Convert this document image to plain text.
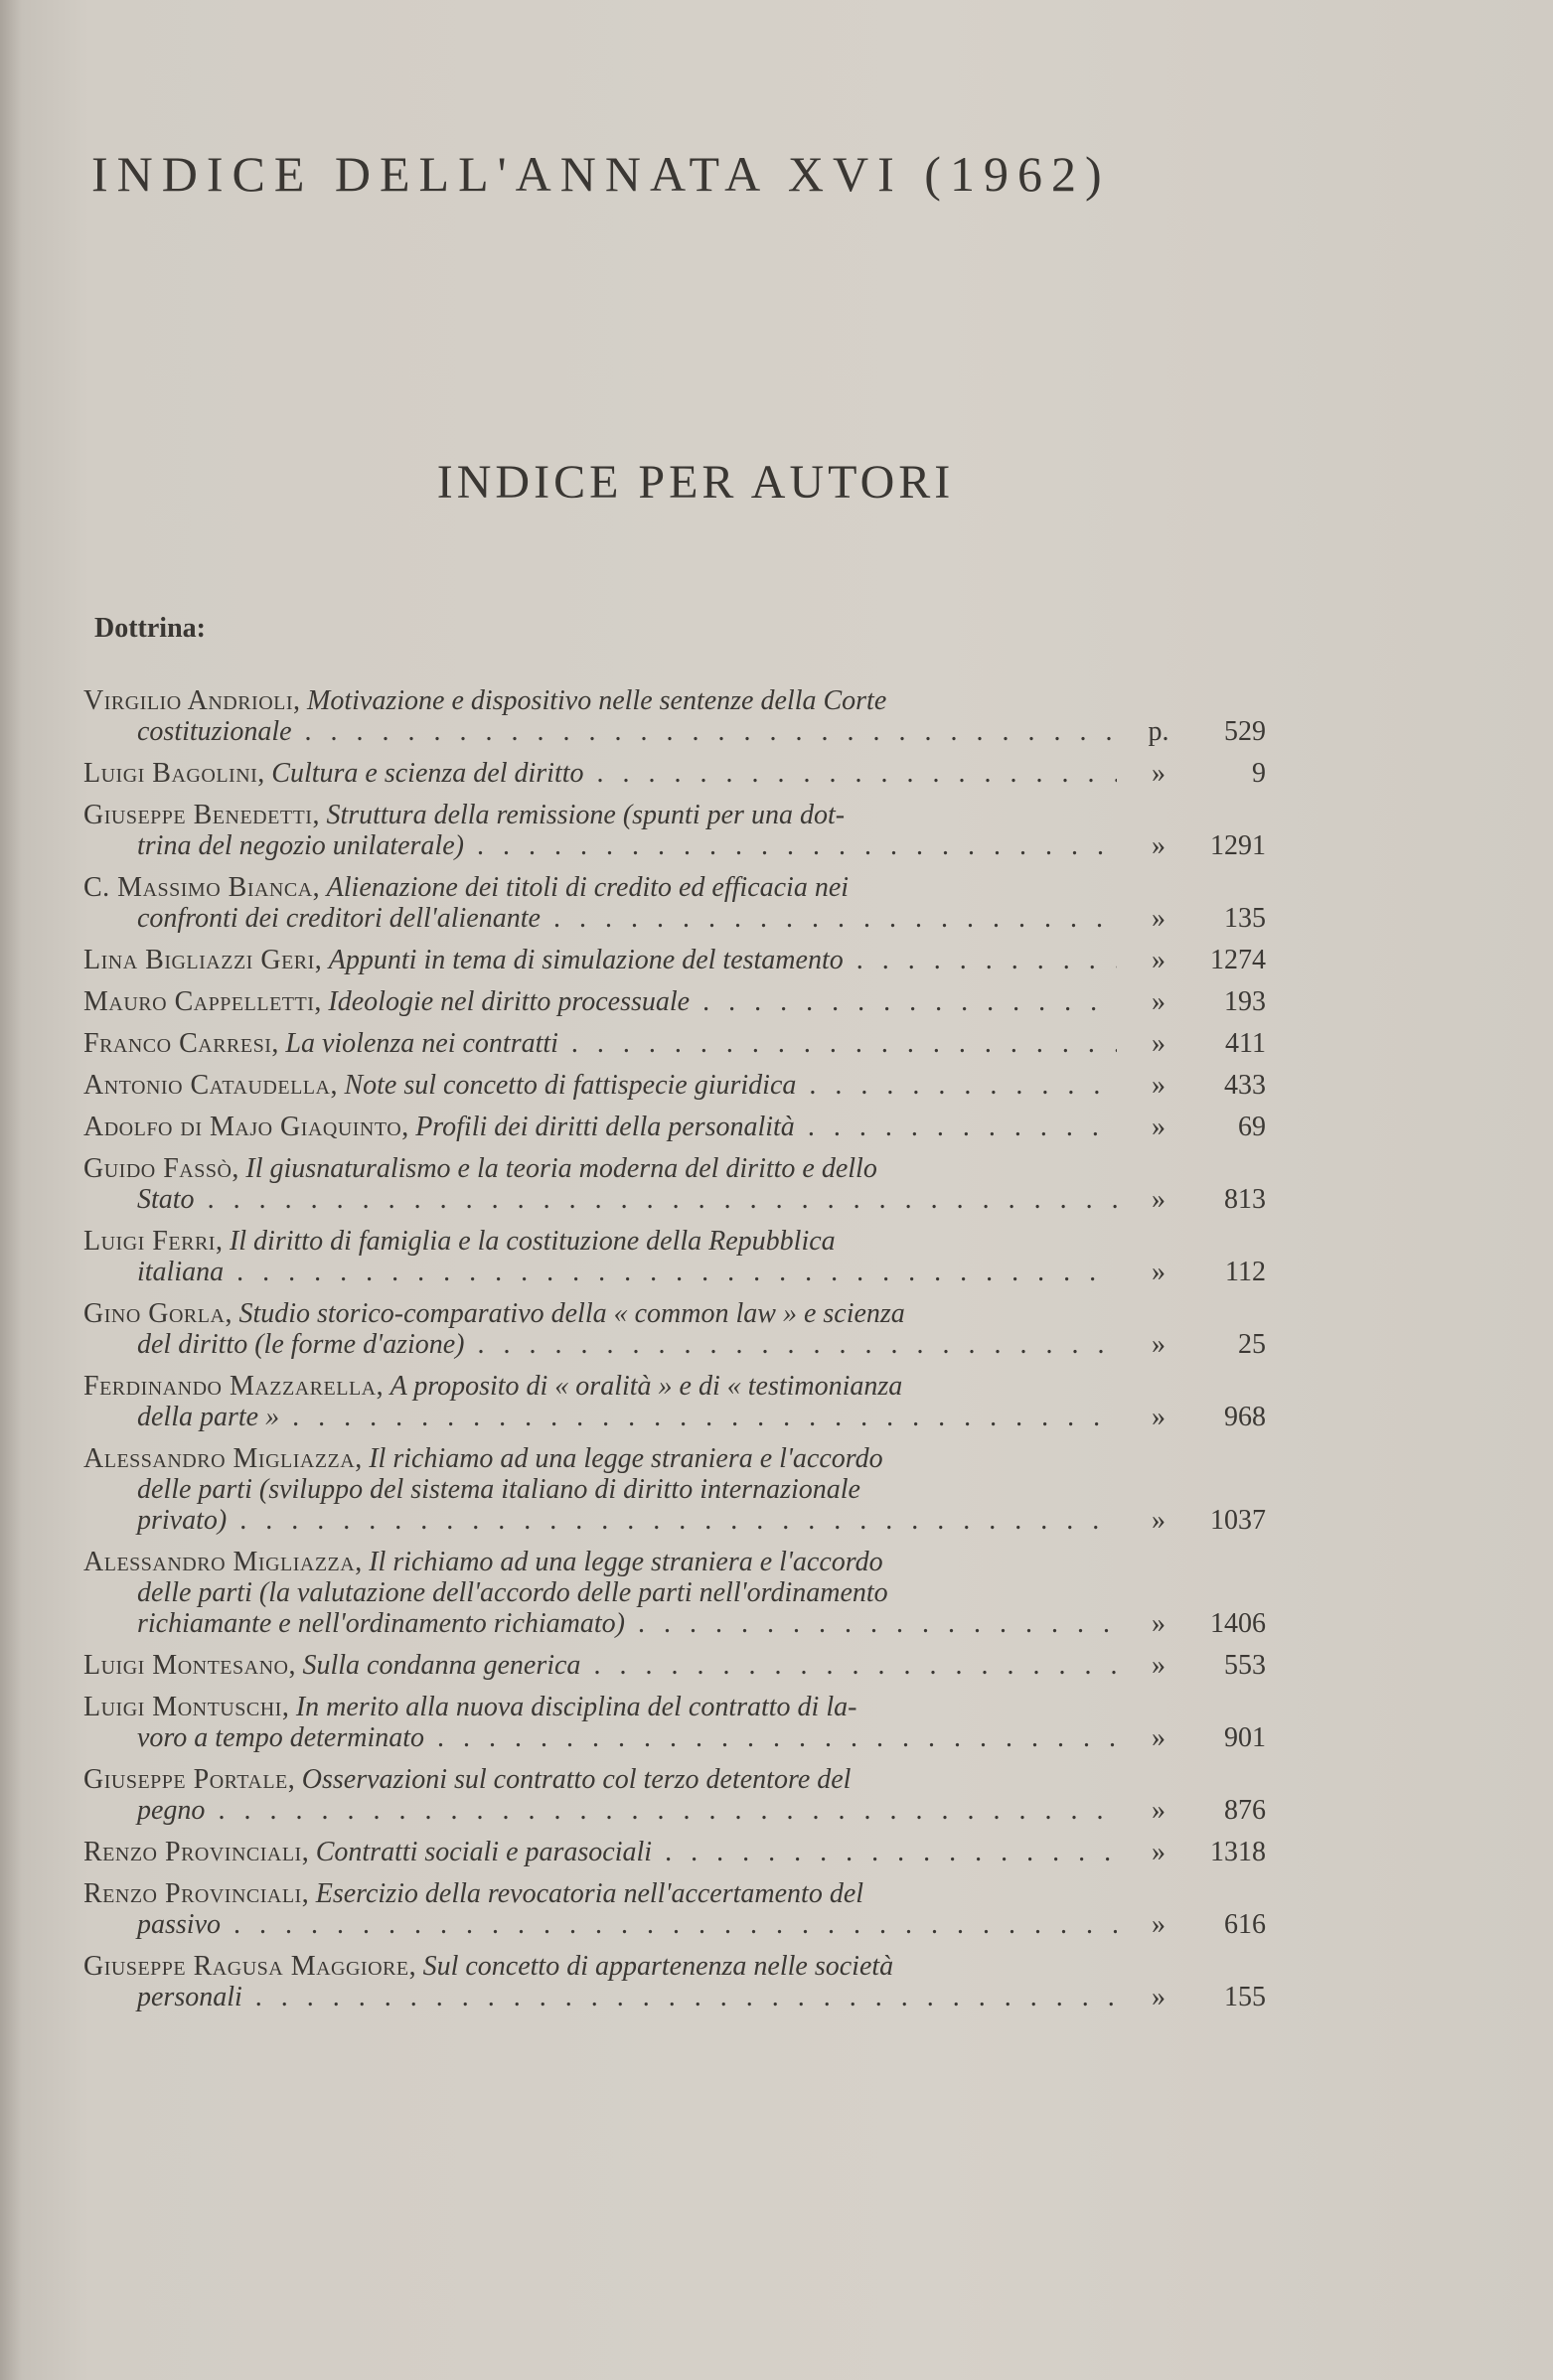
INDICE DELL'ANNATA XVI (1962)
INDICE PER AUTORI
Dottrina:
Virgilio Andrioli, Motivazione e dispositivo nelle sentenze della Corte
costituzionale . . .	p.	529
Luigi Bagolini, Cultura e scienza del diritto . . .	»	9
Giuseppe Benedetti, Struttura della remissione (spunti per una dot-
trina del negozio unilaterale) . . .	»	1291
C. Massimo Bianca, Alienazione dei titoli di credito ed efficacia nei
confronti dei creditori dell'alienante . . .	»	135
Lina Bigliazzi Geri, Appunti in tema di simulazione del testamento . . .	»	1274
Mauro Cappelletti, Ideologie nel diritto processuale . . .	»	193
Franco Carresi, La violenza nei contratti . . .	»	411
Antonio Cataudella, Note sul concetto di fattispecie giuridica . . .	»	433
Adolfo di Majo Giaquinto, Profili dei diritti della personalità . . .	»	69
Guido Fassò, Il giusnaturalismo e la teoria moderna del diritto e dello
Stato . . .	»	813
Luigi Ferri, Il diritto di famiglia e la costituzione della Repubblica
italiana . . .	»	112
Gino Gorla, Studio storico-comparativo della « common law » e scienza
del diritto (le forme d'azione) . . .	»	25
Ferdinando Mazzarella, A proposito di « oralità » e di « testimonianza
della parte » . . .	»	968
Alessandro Migliazza, Il richiamo ad una legge straniera e l'accordo
delle parti (sviluppo del sistema italiano di diritto internazionale
privato) . . .	»	1037
Alessandro Migliazza, Il richiamo ad una legge straniera e l'accordo
delle parti (la valutazione dell'accordo delle parti nell'ordinamento
richiamante e nell'ordinamento richiamato) . . .	»	1406
Luigi Montesano, Sulla condanna generica . . .	»	553
Luigi Montuschi, In merito alla nuova disciplina del contratto di la-
voro a tempo determinato . . .	»	901
Giuseppe Portale, Osservazioni sul contratto col terzo detentore del
pegno . . .	»	876
Renzo Provinciali, Contratti sociali e parasociali . . .	»	1318
Renzo Provinciali, Esercizio della revocatoria nell'accertamento del
passivo . . .	»	616
Giuseppe Ragusa Maggiore, Sul concetto di appartenenza nelle società
personali . . .	»	155
